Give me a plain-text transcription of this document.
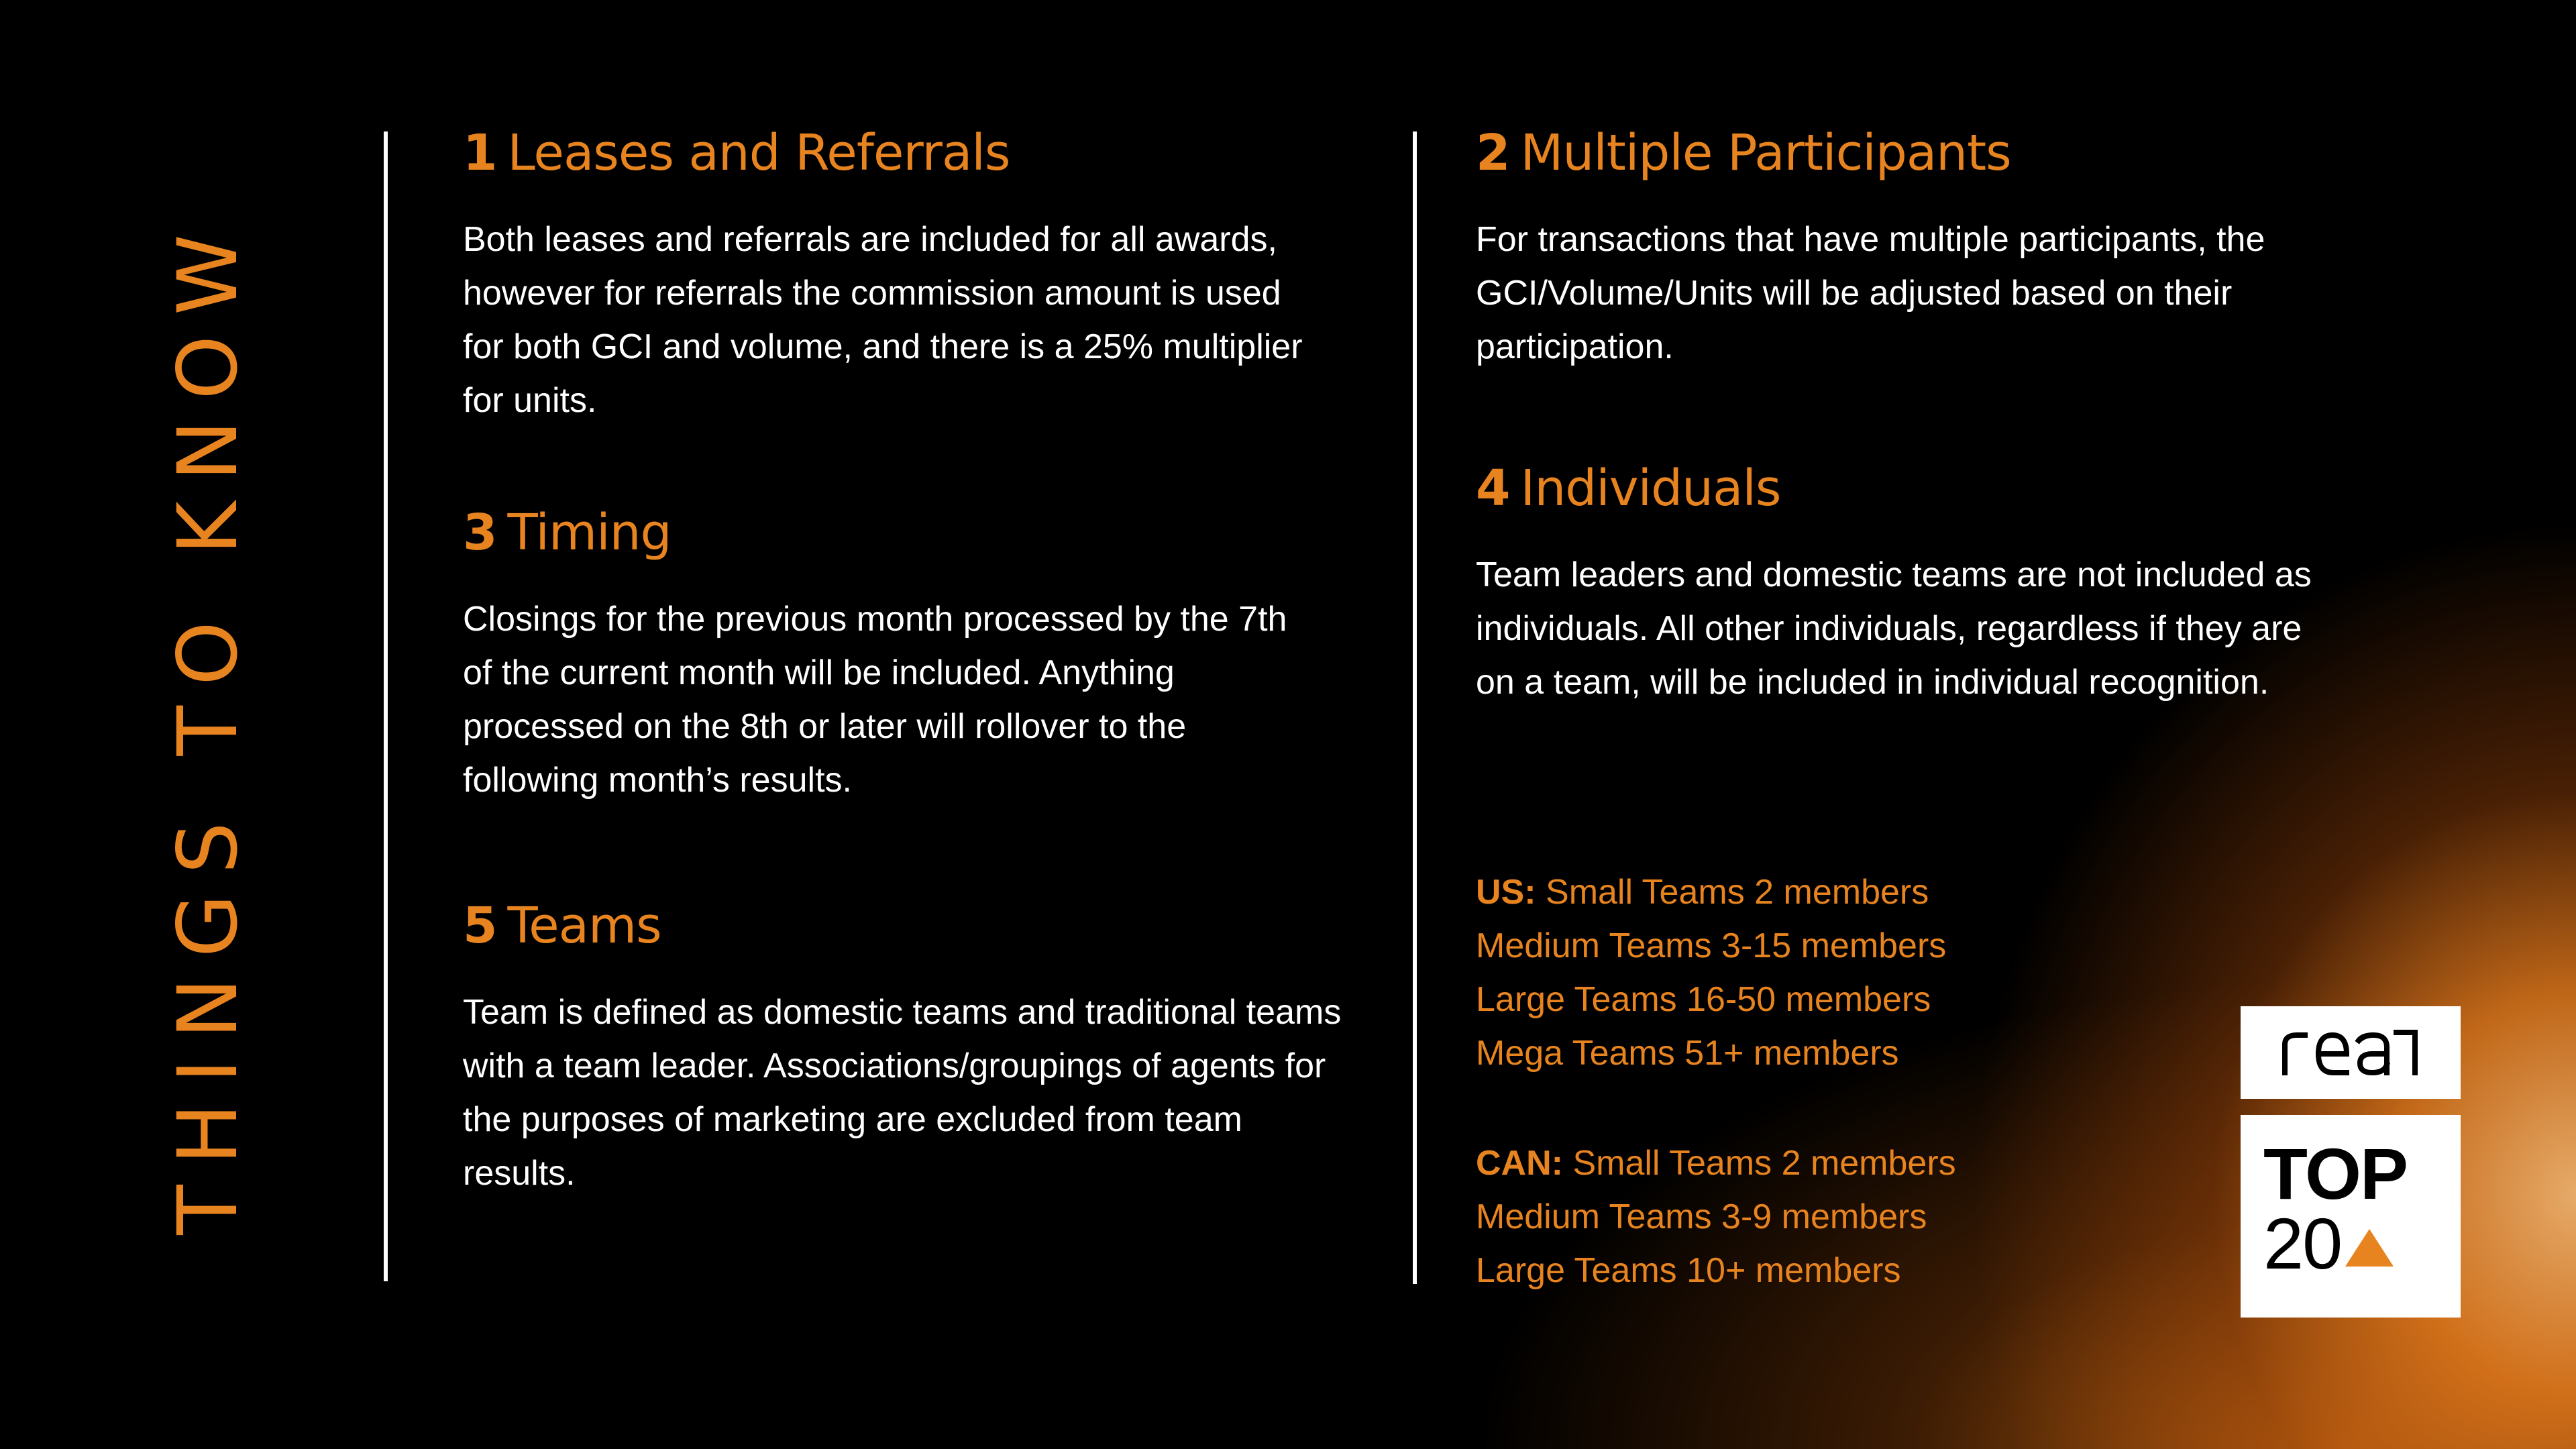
THINGS TO KNOW
1 Leases and Referrals

Both leases and referrals are included for all awards, however for referrals the commission amount is used for both GCI and volume, and there is a 25% multiplier for units.

2 Multiple Participants

For transactions that have multiple participants, the GCI/Volume/Units will be adjusted based on their participation.

3 Timing

Closings for the previous month processed by the 7th of the current month will be included. Anything processed on the 8th or later will rollover to the following month’s results.

4 Individuals

Team leaders and domestic teams are not included as individuals. All other individuals, regardless if they are on a team, will be included in individual recognition.

5 Teams

Team is defined as domestic teams and traditional teams with a team leader. Associations/groupings of agents for the purposes of marketing are excluded from team results.

US: Small Teams 2 members
Medium Teams 3-15 members
Large Teams 16-50 members
Mega Teams 51+ members
CAN: Small Teams 2 members
Medium Teams 3-9 members
Large Teams 10+ members
TOP
20
